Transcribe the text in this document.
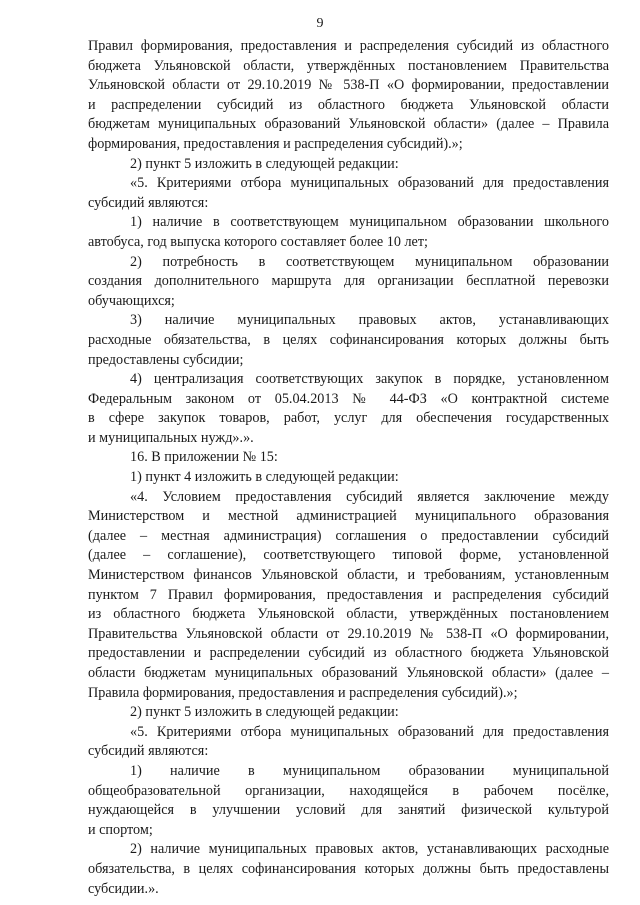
9
Правил формирования, предоставления и распределения субсидий из областного
бюджета Ульяновской области, утверждённых постановлением Правительства
Ульяновской области от 29.10.2019 № 538-П «О формировании, предоставлении
и распределении субсидий из областного бюджета Ульяновской области
бюджетам муниципальных образований Ульяновской области» (далее – Правила
формирования, предоставления и распределения субсидий).»;
2) пункт 5 изложить в следующей редакции:
«5. Критериями отбора муниципальных образований для предоставления
субсидий являются:
1) наличие в соответствующем муниципальном образовании школьного
автобуса, год выпуска которого составляет более 10 лет;
2) потребность в соответствующем муниципальном образовании
создания дополнительного маршрута для организации бесплатной перевозки
обучающихся;
3) наличие муниципальных правовых актов, устанавливающих
расходные обязательства, в целях софинансирования которых должны быть
предоставлены субсидии;
4) централизация соответствующих закупок в порядке, установленном
Федеральным законом от 05.04.2013 № 44-ФЗ «О контрактной системе
в сфере закупок товаров, работ, услуг для обеспечения государственных
и муниципальных нужд».».
16. В приложении № 15:
1) пункт 4 изложить в следующей редакции:
«4. Условием предоставления субсидий является заключение между
Министерством и местной администрацией муниципального образования
(далее – местная администрация) соглашения о предоставлении субсидий
(далее – соглашение), соответствующего типовой форме, установленной
Министерством финансов Ульяновской области, и требованиям, установленным
пунктом 7 Правил формирования, предоставления и распределения субсидий
из областного бюджета Ульяновской области, утверждённых постановлением
Правительства Ульяновской области от 29.10.2019 № 538-П «О формировании,
предоставлении и распределении субсидий из областного бюджета Ульяновской
области бюджетам муниципальных образований Ульяновской области» (далее –
Правила формирования, предоставления и распределения субсидий).»;
2) пункт 5 изложить в следующей редакции:
«5. Критериями отбора муниципальных образований для предоставления
субсидий являются:
1) наличие в муниципальном образовании муниципальной
общеобразовательной организации, находящейся в рабочем посёлке,
нуждающейся в улучшении условий для занятий физической культурой
и спортом;
2) наличие муниципальных правовых актов, устанавливающих расходные
обязательства, в целях софинансирования которых должны быть предоставлены
субсидии.».
